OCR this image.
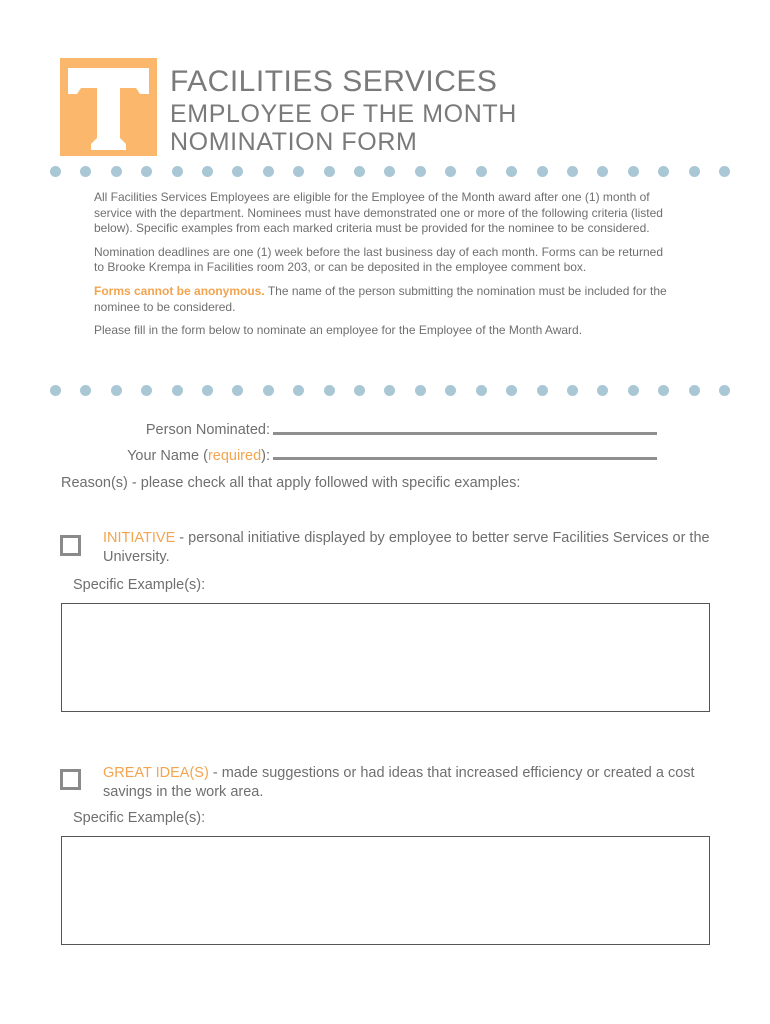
FACILITIES SERVICES
EMPLOYEE OF THE MONTH
NOMINATION FORM

All Facilities Services Employees are eligible for the Employee of the Month award after one (1) month of service with the department. Nominees must have demonstrated one or more of the following criteria (listed below). Specific examples from each marked criteria must be provided for the nominee to be considered.

Nomination deadlines are one (1) week before the last business day of each month. Forms can be returned to Brooke Krempa in Facilities room 203, or can be deposited in the employee comment box.

Forms cannot be anonymous. The name of the person submitting the nomination must be included for the nominee to be considered.

Please fill in the form below to nominate an employee for the Employee of the Month Award.

Person Nominated:
Your Name (required):
Reason(s) - please check all that apply followed with specific examples:
INITIATIVE - personal initiative displayed by employee to better serve Facilities Services or the University.
Specific Example(s):
GREAT IDEA(S) - made suggestions or had ideas that increased efficiency or created a cost savings in the work area.
Specific Example(s):
